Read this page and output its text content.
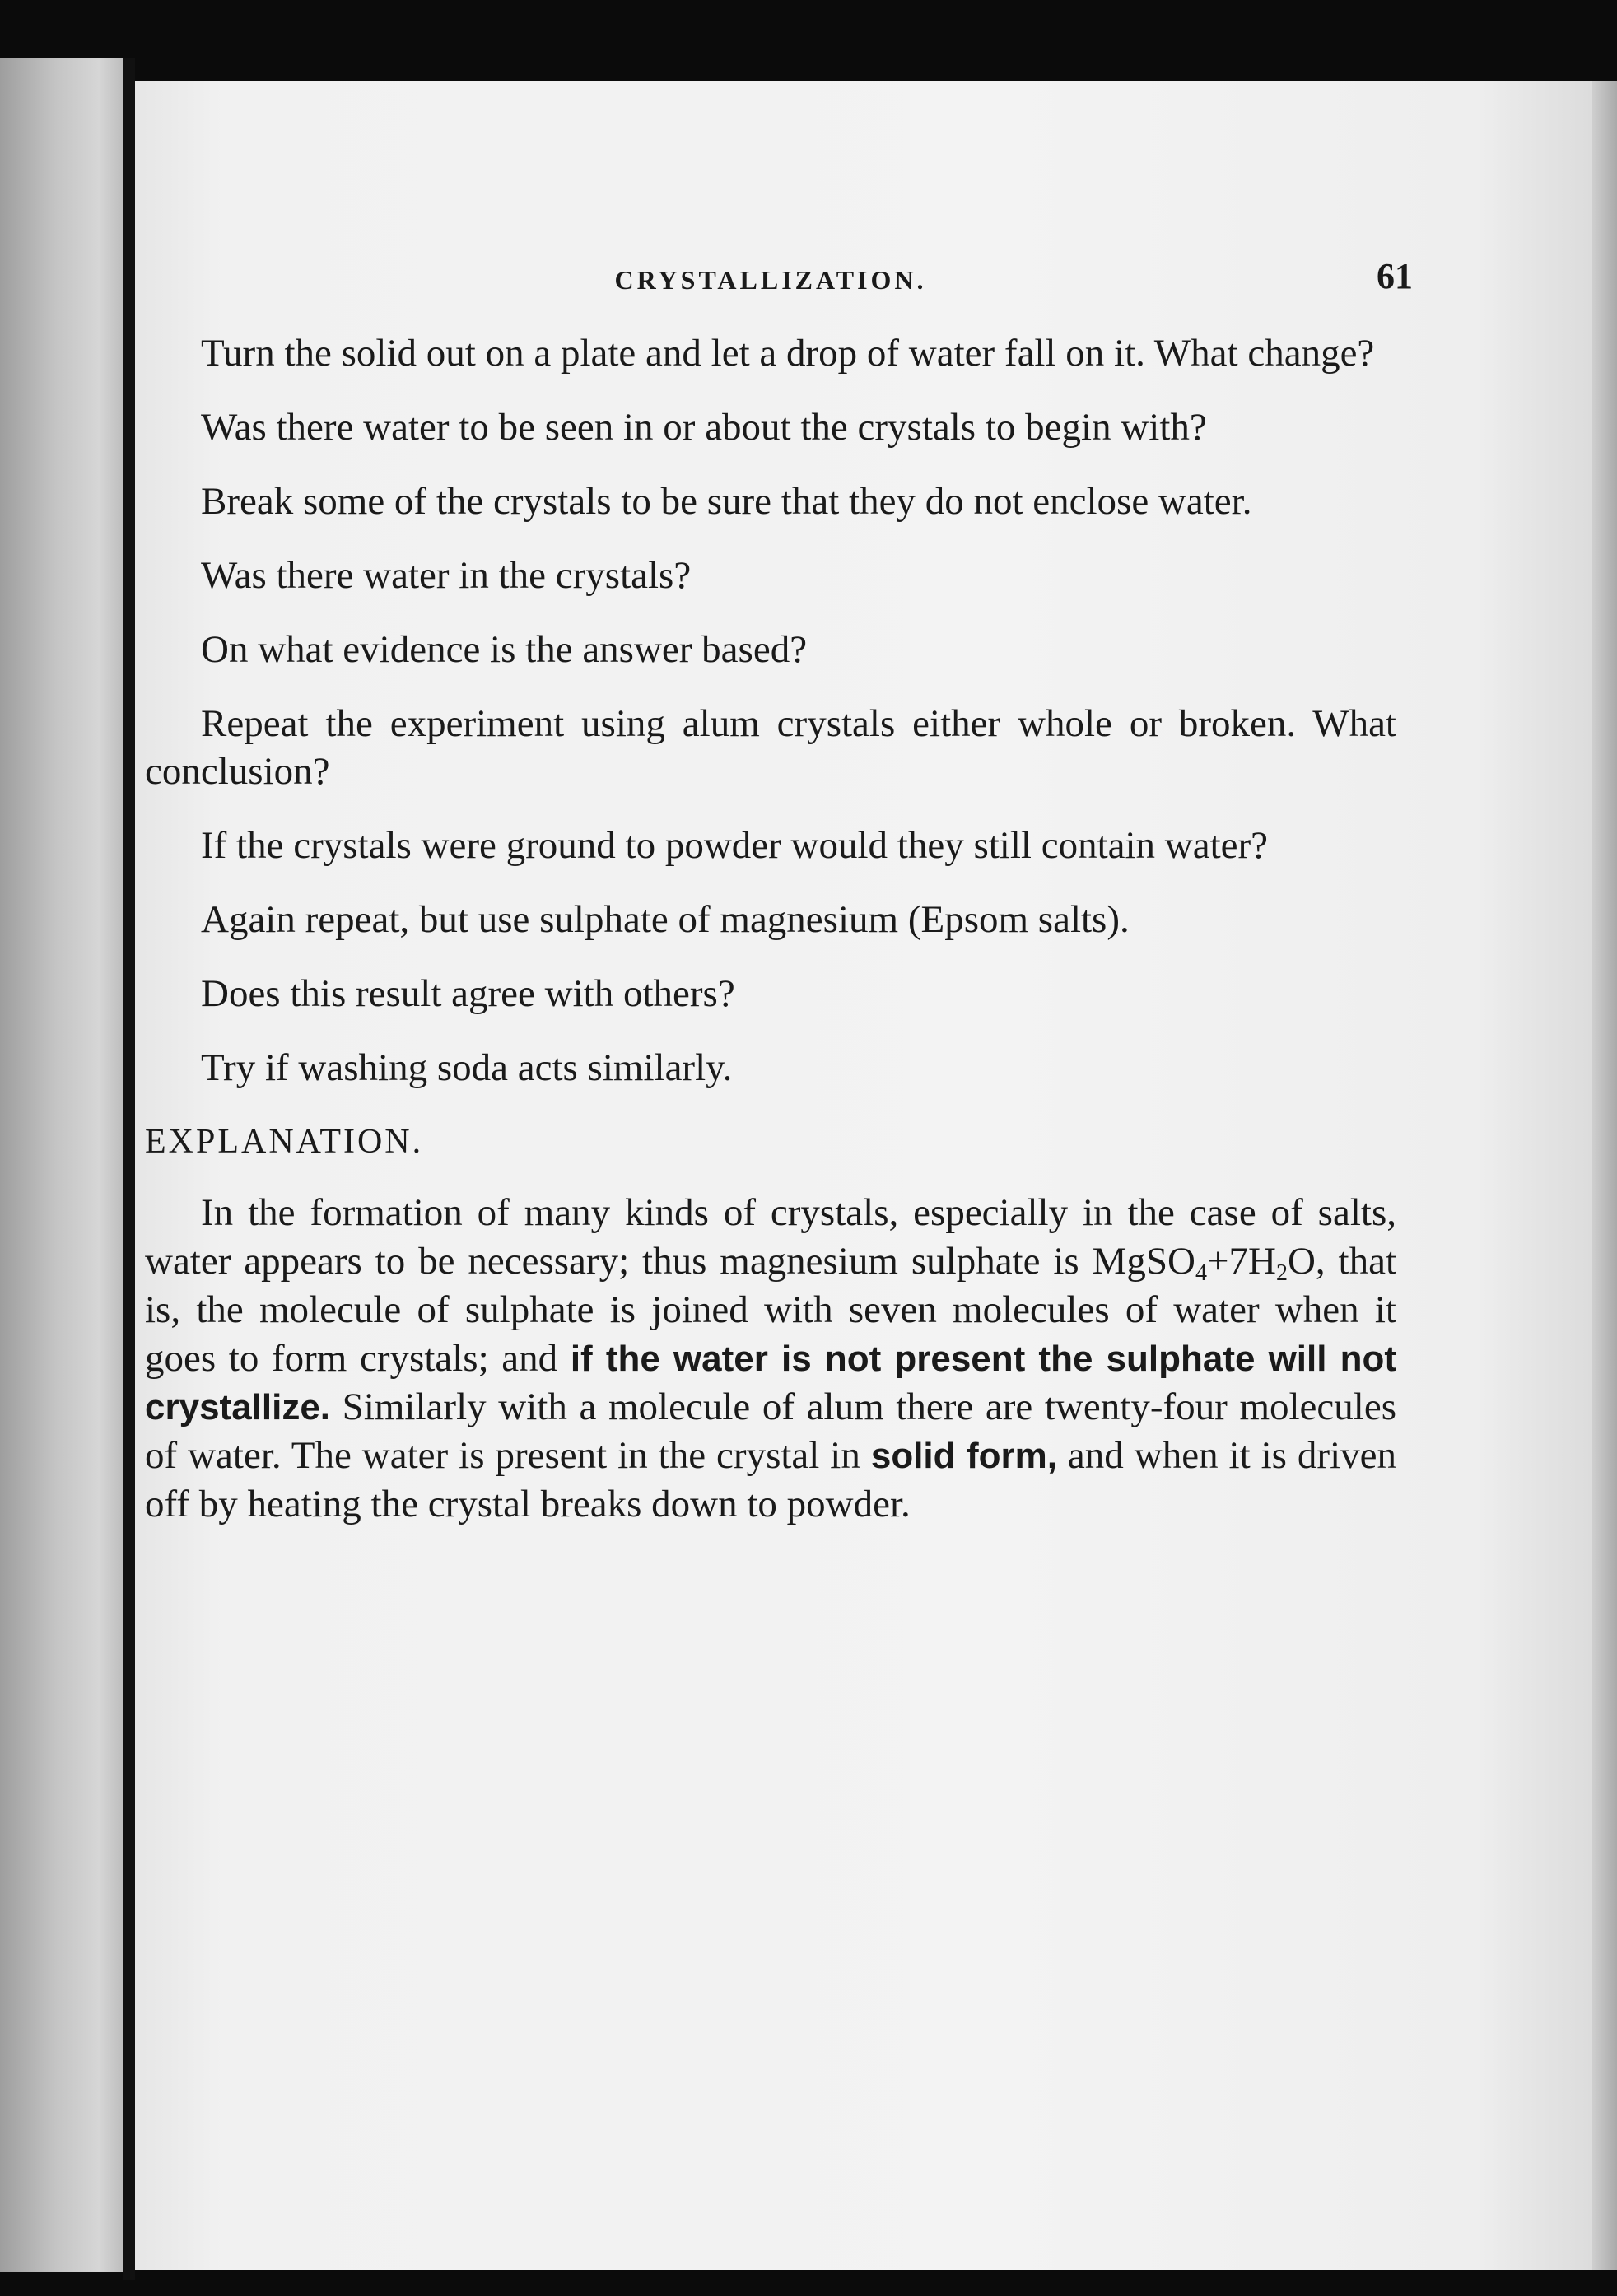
CRYSTALLIZATION.	61

Turn the solid out on a plate and let a drop of water fall on it. What change?

Was there water to be seen in or about the crystals to begin with?

Break some of the crystals to be sure that they do not enclose water.

Was there water in the crystals?

On what evidence is the answer based?

Repeat the experiment using alum crystals either whole or broken. What conclusion?

If the crystals were ground to powder would they still contain water?

Again repeat, but use sulphate of magnesium (Epsom salts).

Does this result agree with others?

Try if washing soda acts similarly.

EXPLANATION.

In the formation of many kinds of crystals, especially in the case of salts, water appears to be necessary; thus magnesium sulphate is $MgSO_4+7H_2O$, that is, the molecule of sulphate is joined with seven molecules of water when it goes to form crystals; and if the water is not present the sulphate will not crystallize. Similarly with a molecule of alum there are twenty-four molecules of water. The water is present in the crystal in solid form, and when it is driven off by heating the crystal breaks down to powder.
